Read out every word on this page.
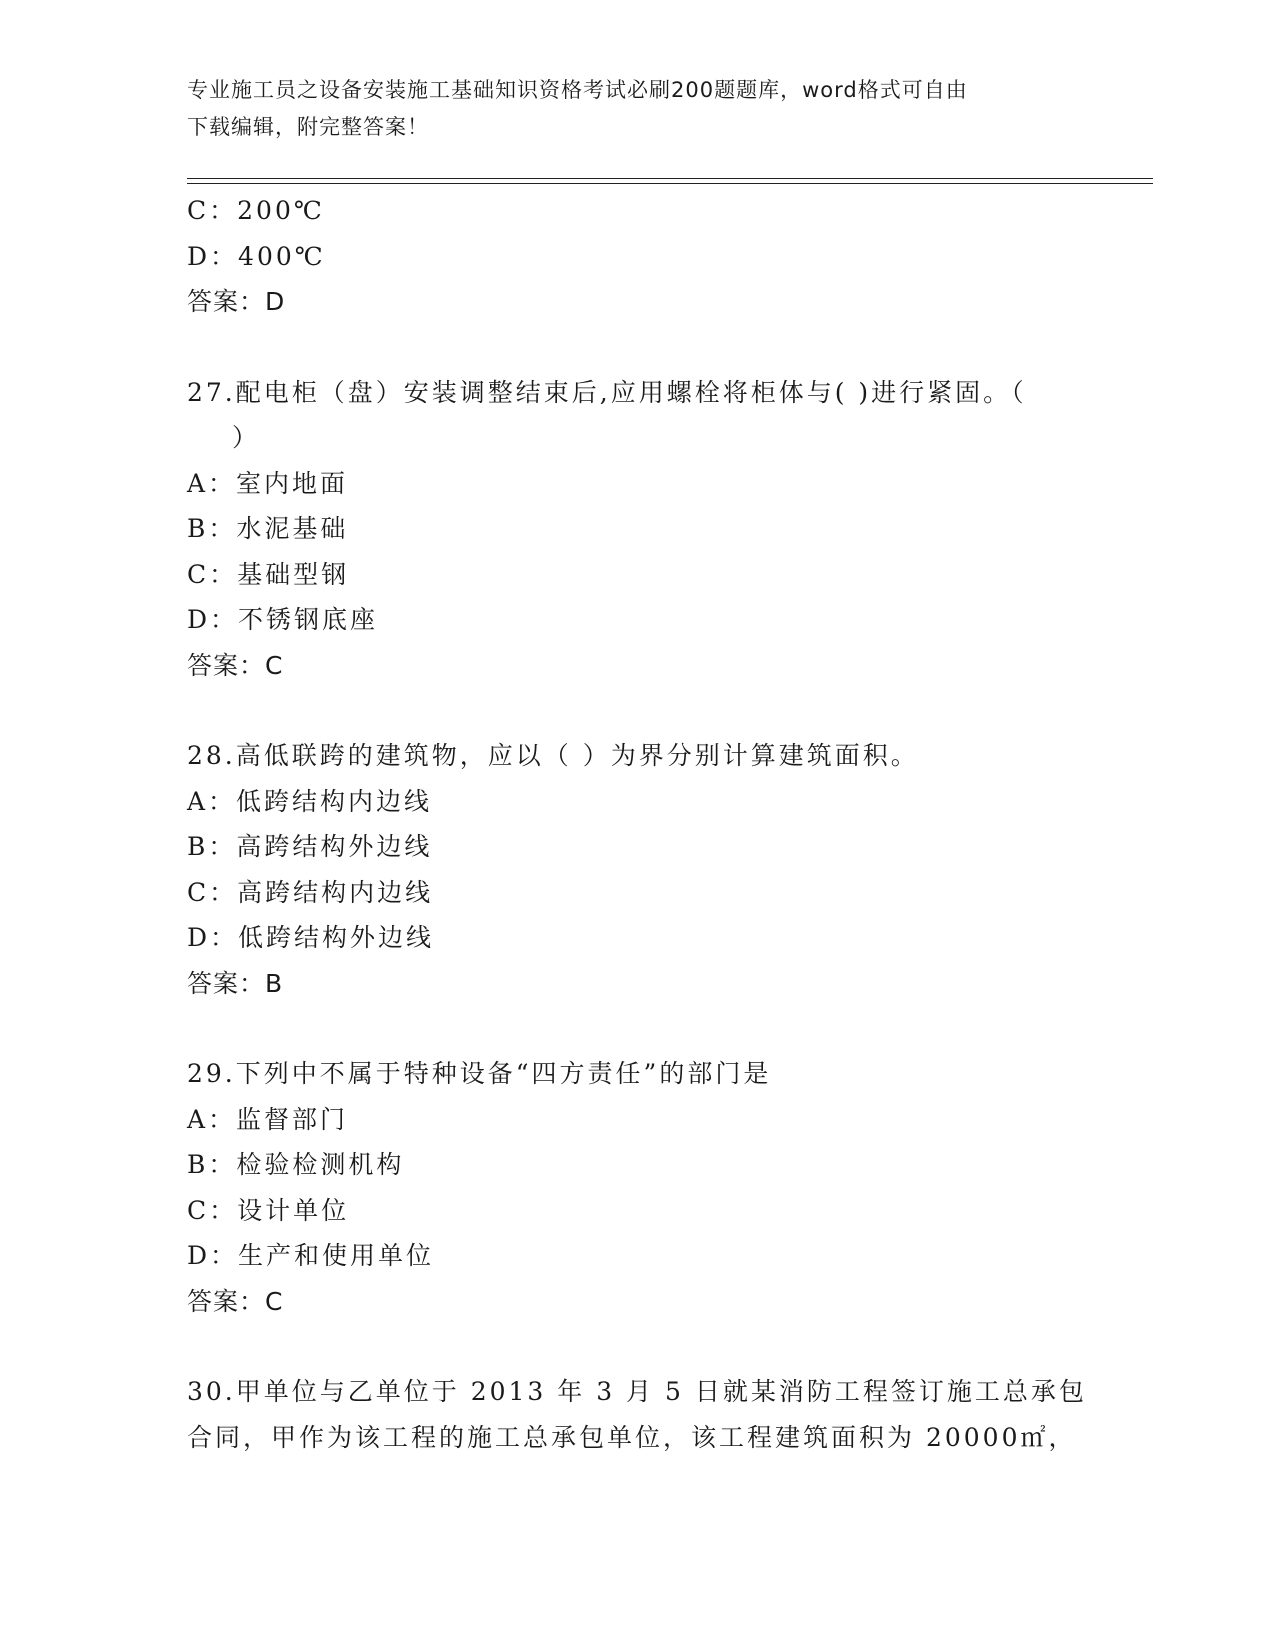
专业施工员之设备安装施工基础知识资格考试必刷200题题库，word格式可自由
下载编辑，附完整答案！
C：200℃
D：400℃
答案：D
27.配电柜（盘）安装调整结束后,应用螺栓将柜体与( )进行紧固。（
）
A：室内地面
B：水泥基础
C：基础型钢
D：不锈钢底座
答案：C
28.高低联跨的建筑物，应以（ ）为界分别计算建筑面积。
A：低跨结构内边线
B：高跨结构外边线
C：高跨结构内边线
D：低跨结构外边线
答案：B
29.下列中不属于特种设备“四方责任”的部门是
A：监督部门
B：检验检测机构
C：设计单位
D：生产和使用单位
答案：C
30.甲单位与乙单位于 2013 年 3 月 5 日就某消防工程签订施工总承包
合同，甲作为该工程的施工总承包单位，该工程建筑面积为 20000㎡，
